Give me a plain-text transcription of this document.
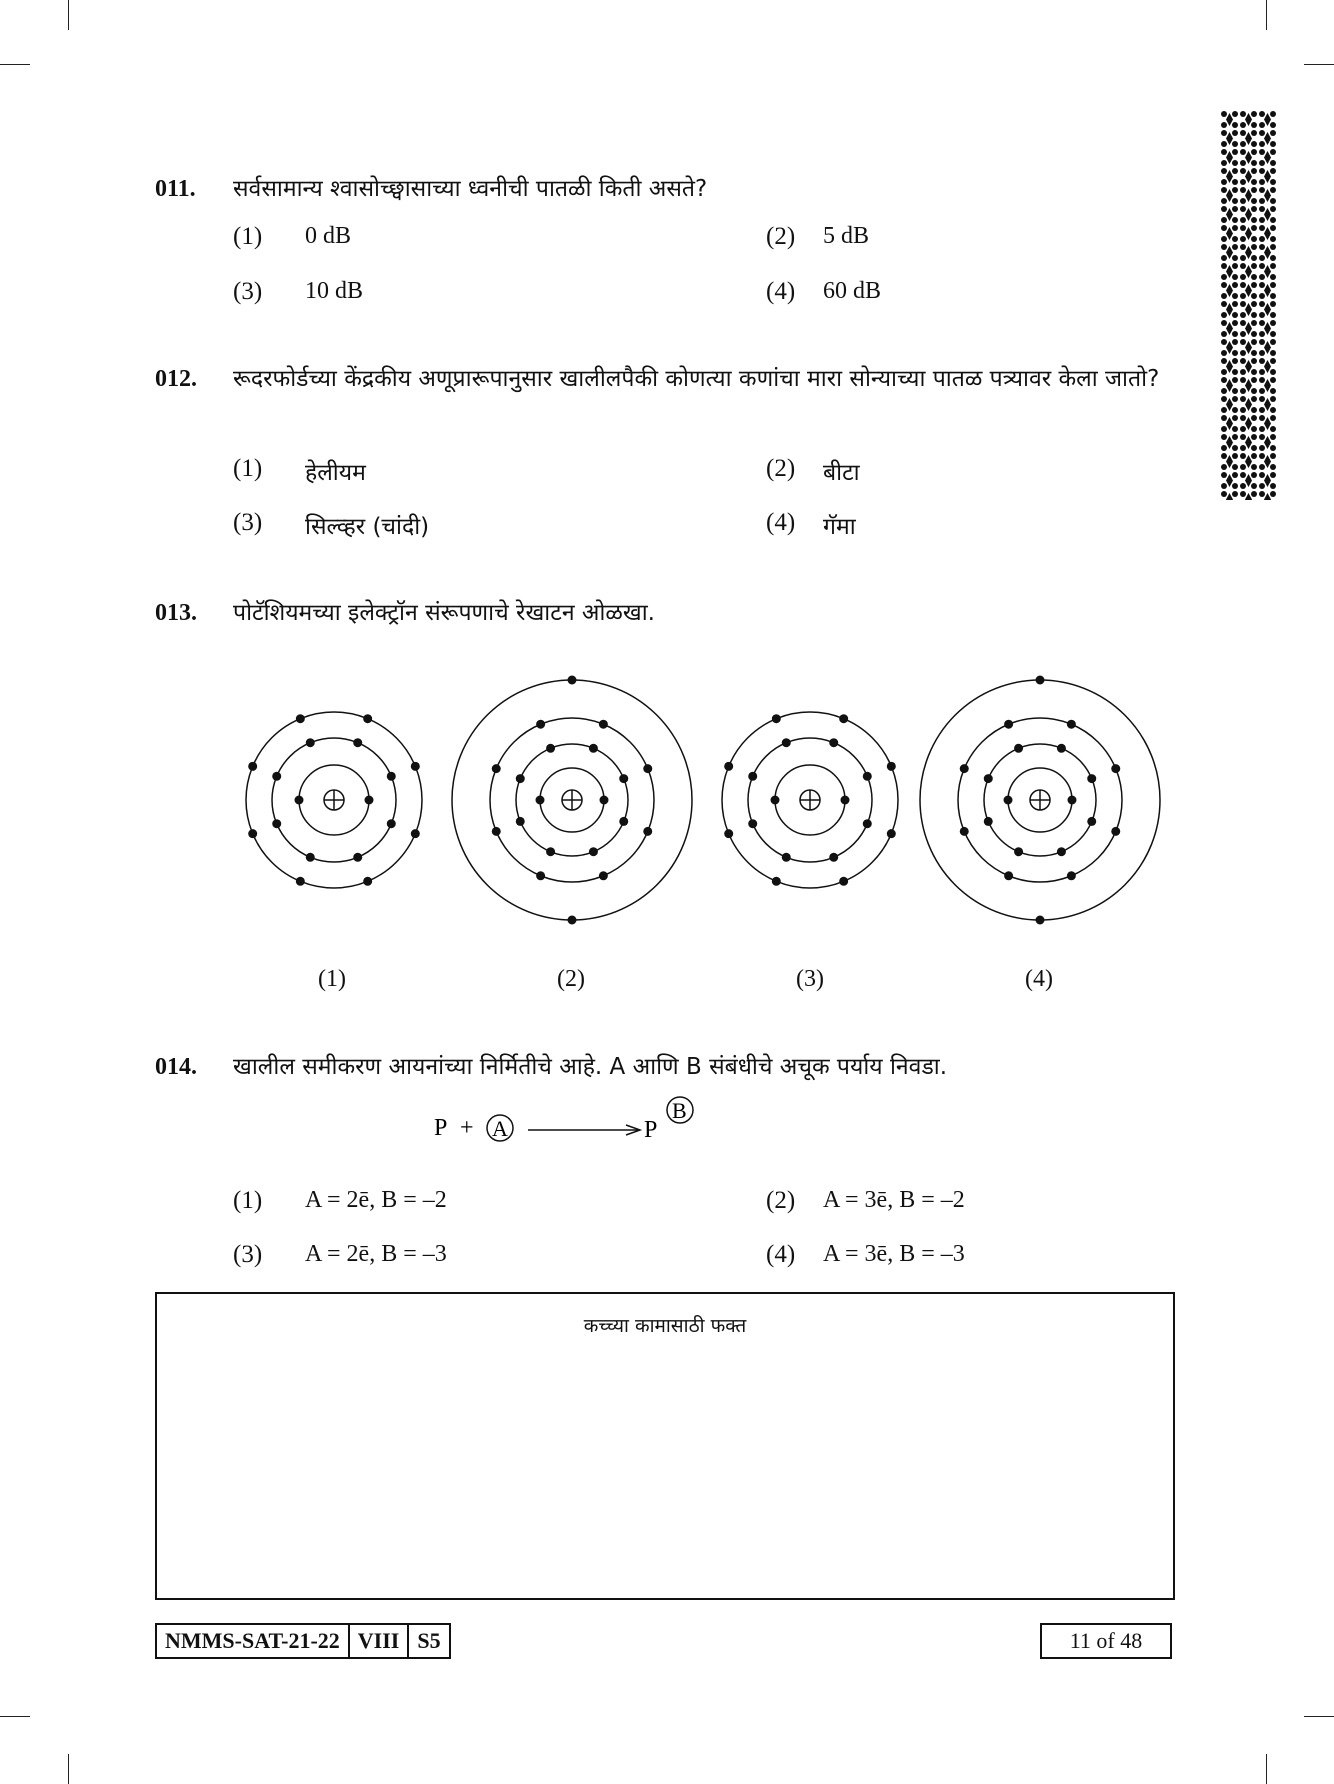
011. सर्वसामान्य श्वासोच्छ्वासाच्या ध्वनीची पातळी किती असते?
(1) 0 dB	(2) 5 dB
(3) 10 dB	(4) 60 dB
012. रूदरफोर्डच्या केंद्रकीय अणूप्रारूपानुसार खालीलपैकी कोणत्या कणांचा मारा सोन्याच्या पातळ पत्र्यावर केला जातो?
(1) हेलीयम	(2) बीटा
(3) सिल्व्हर (चांदी)	(4) गॅमा
013. पोटॅशियमच्या इलेक्ट्रॉन संरूपणाचे रेखाटन ओळखा.
(1)	(2)	(3)	(4)
014. खालील समीकरण आयनांच्या निर्मितीचे आहे. A आणि B संबंधीचे अचूक पर्याय निवडा.
P + A	P
B
(1) A = 2ē, B = –2	(2) A = 3ē, B = –2
(3) A = 2ē, B = –3	(4) A = 3ē, B = –3
कच्च्या कामासाठी फक्त
NMMS-SAT-21-22 VIII S5	11 of 48
